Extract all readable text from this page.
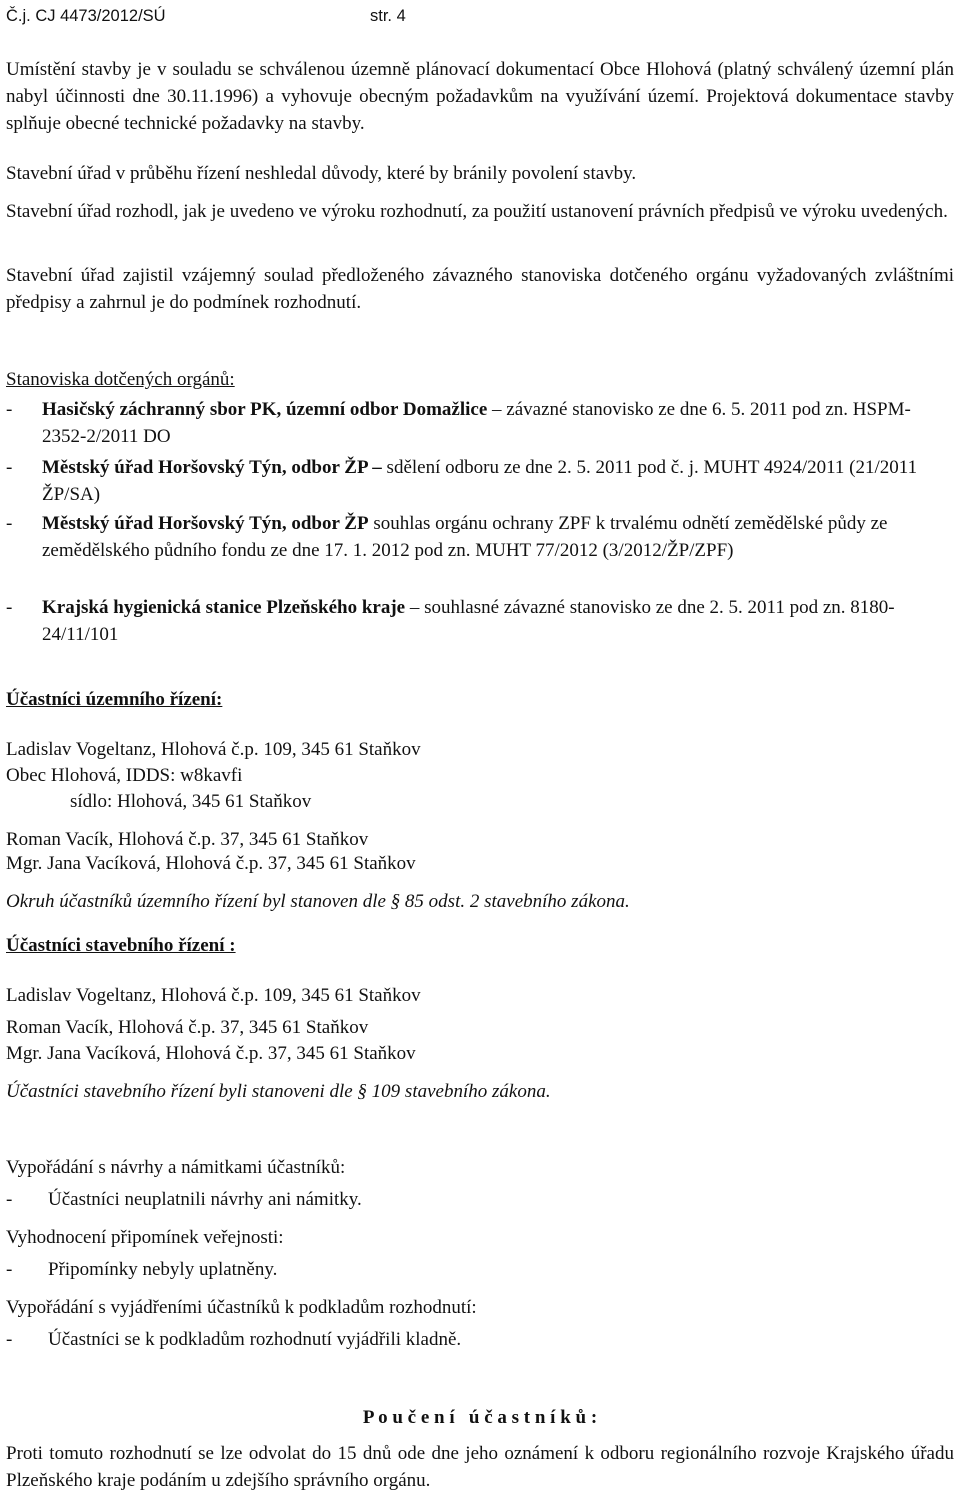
Č.j. CJ 4473/2012/SÚ	str. 4
Umístění stavby je v souladu se schválenou územně plánovací dokumentací Obce Hlohová (platný schválený územní plán nabyl účinnosti dne 30.11.1996) a vyhovuje obecným požadavkům na využívání území. Projektová dokumentace stavby splňuje obecné technické požadavky na stavby.
Stavební úřad v průběhu řízení neshledal důvody, které by bránily povolení stavby.
Stavební úřad rozhodl, jak je uvedeno ve výroku rozhodnutí, za použití ustanovení právních předpisů ve výroku uvedených.
Stavební úřad zajistil vzájemný soulad předloženého závazného stanoviska dotčeného orgánu vyžadovaných zvláštními předpisy a zahrnul je do podmínek rozhodnutí.
Stanoviska dotčených orgánů:
- Hasičský záchranný sbor PK, územní odbor Domažlice – závazné stanovisko ze dne 6. 5. 2011 pod zn. HSPM-2352-2/2011 DO
- Městský úřad Horšovský Týn, odbor ŽP – sdělení odboru ze dne 2. 5. 2011 pod č. j. MUHT 4924/2011 (21/2011 ŽP/SA)
- Městský úřad Horšovský Týn, odbor ŽP souhlas orgánu ochrany ZPF k trvalému odnětí zemědělské půdy ze zemědělského půdního fondu ze dne 17. 1. 2012 pod zn. MUHT 77/2012 (3/2012/ŽP/ZPF)
- Krajská hygienická stanice Plzeňského kraje – souhlasné závazné stanovisko ze dne 2. 5. 2011 pod zn. 8180-24/11/101
Účastníci územního řízení:
Ladislav Vogeltanz, Hlohová č.p. 109, 345 61 Staňkov
Obec Hlohová, IDDS: w8kavfi
sídlo: Hlohová, 345 61 Staňkov
Roman Vacík, Hlohová č.p. 37, 345 61 Staňkov
Mgr. Jana Vacíková, Hlohová č.p. 37, 345 61 Staňkov
Okruh účastníků územního řízení byl stanoven dle § 85 odst. 2 stavebního zákona.
Účastníci stavebního řízení :
Ladislav Vogeltanz, Hlohová č.p. 109, 345 61 Staňkov
Roman Vacík, Hlohová č.p. 37, 345 61 Staňkov
Mgr. Jana Vacíková, Hlohová č.p. 37, 345 61 Staňkov
Účastníci stavebního řízení byli stanoveni dle § 109 stavebního zákona.
Vypořádání s návrhy a námitkami účastníků:
- Účastníci neuplatnili návrhy ani námitky.
Vyhodnocení připomínek veřejnosti:
- Připomínky nebyly uplatněny.
Vypořádání s vyjádřeními účastníků k podkladům rozhodnutí:
- Účastníci se k podkladům rozhodnutí vyjádřili kladně.
P o u č e n í   ú č a s t n í k ů :
Proti tomuto rozhodnutí se lze odvolat do 15 dnů ode dne jeho oznámení k odboru regionálního rozvoje Krajského úřadu Plzeňského kraje podáním u zdejšího správního orgánu.
